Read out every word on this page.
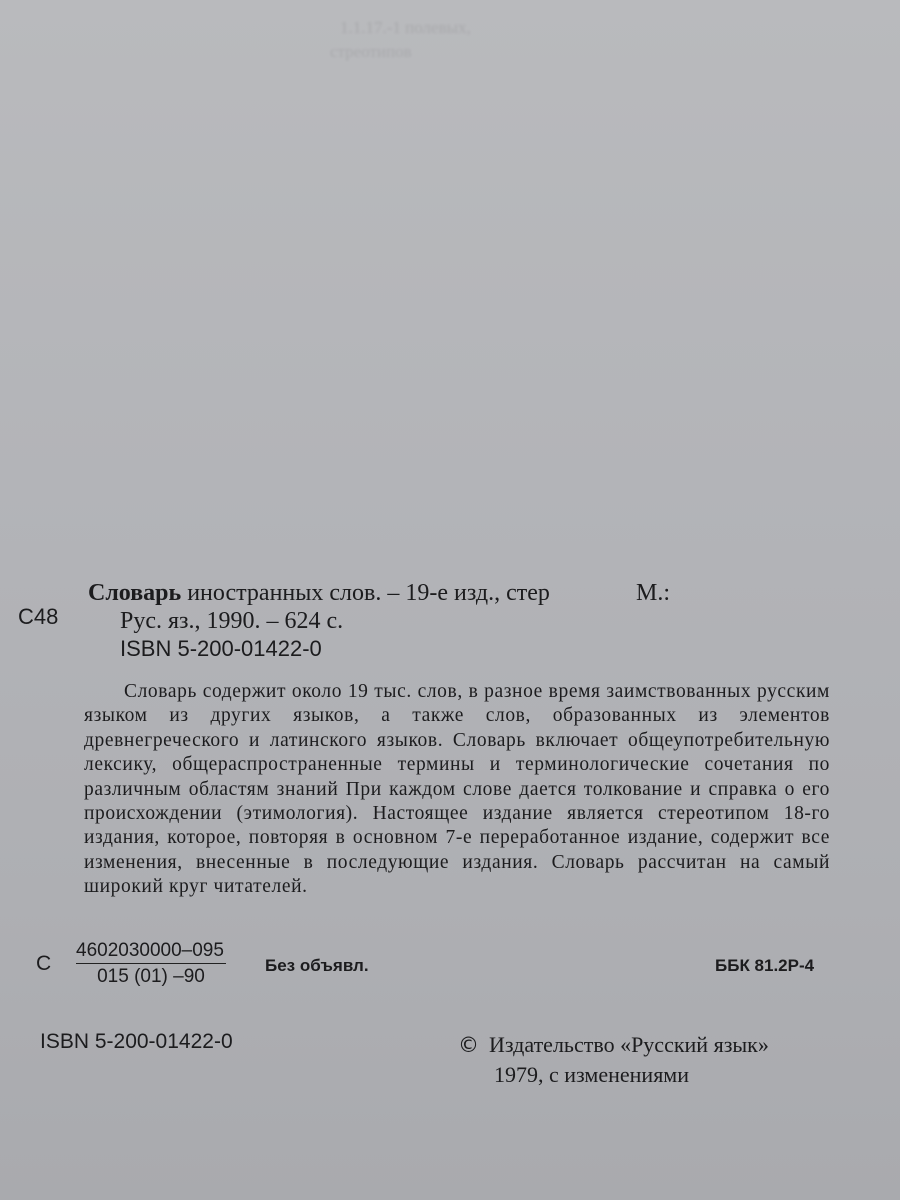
1.1.17.-1 полевых,
стреотипов
Словарь иностранных слов. – 19-е изд., стер	М.:
С48	Рус. яз., 1990. – 624 с.
ISBN 5-200-01422-0
Словарь содержит около 19 тыс. слов, в разное время заимствованных русским языком из других языков, а также слов, образованных из элементов древнегреческого и латинского языков. Словарь включает общеупотребительную лексику, общераспространенные термины и терминологические сочетания по различным областям знаний При каждом слове дается толкование и справка о его происхождении (этимология). Настоящее издание является стереотипом 18-го издания, которое, повторяя в основном 7-е переработанное издание, содержит все изменения, внесенные в последующие издания. Словарь рассчитан на самый широкий круг читателей.
С $\frac{4602030000-095}{015 (01) -90}$ Без объявл.	ББК 81.2Р-4
ISBN 5-200-01422-0	© Издательство «Русский язык»
1979, с изменениями
